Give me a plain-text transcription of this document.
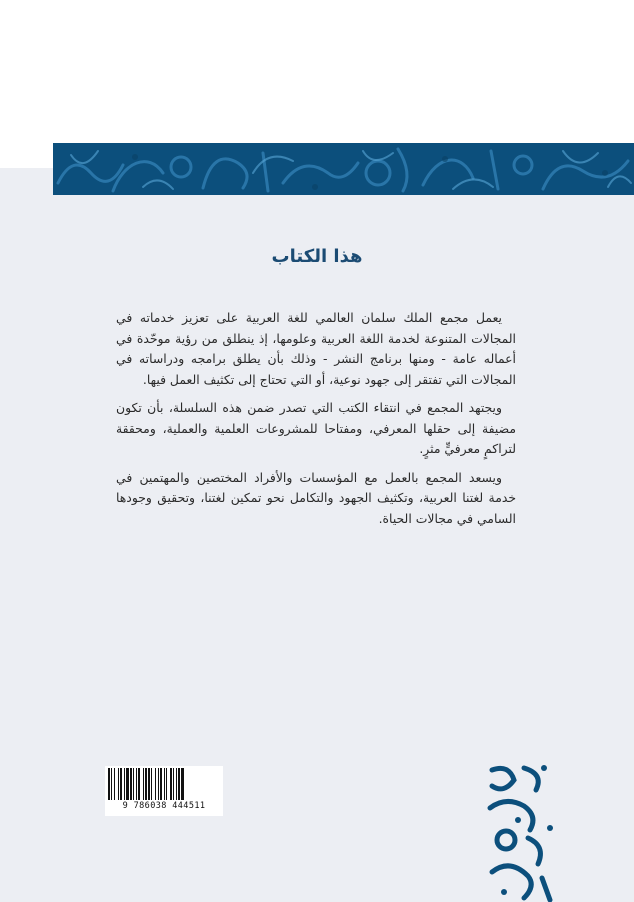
هذا الكتاب

يعمل مجمع الملك سلمان العالمي للغة العربية على تعزيز خدماته في المجالات المتنوعة لخدمة اللغة العربية وعلومها، إذ ينطلق من رؤية موحّدة في أعماله عامة - ومنها برنامج النشر - وذلك بأن يطلق برامجه ودراساته في المجالات التي تفتقر إلى جهود نوعية، أو التي تحتاج إلى تكثيف العمل فيها.

ويجتهد المجمع في انتقاء الكتب التي تصدر ضمن هذه السلسلة، بأن تكون مضيفة إلى حقلها المعرفي، ومفتاحا للمشروعات العلمية والعملية، ومحققة لتراكمٍ معرفيٍّ مثرٍ.

ويسعد المجمع بالعمل مع المؤسسات والأفراد المختصين والمهتمين في خدمة لغتنا العربية، وتكثيف الجهود والتكامل نحو تمكين لغتنا، وتحقيق وجودها السامي في مجالات الحياة.

9 786038 444511
